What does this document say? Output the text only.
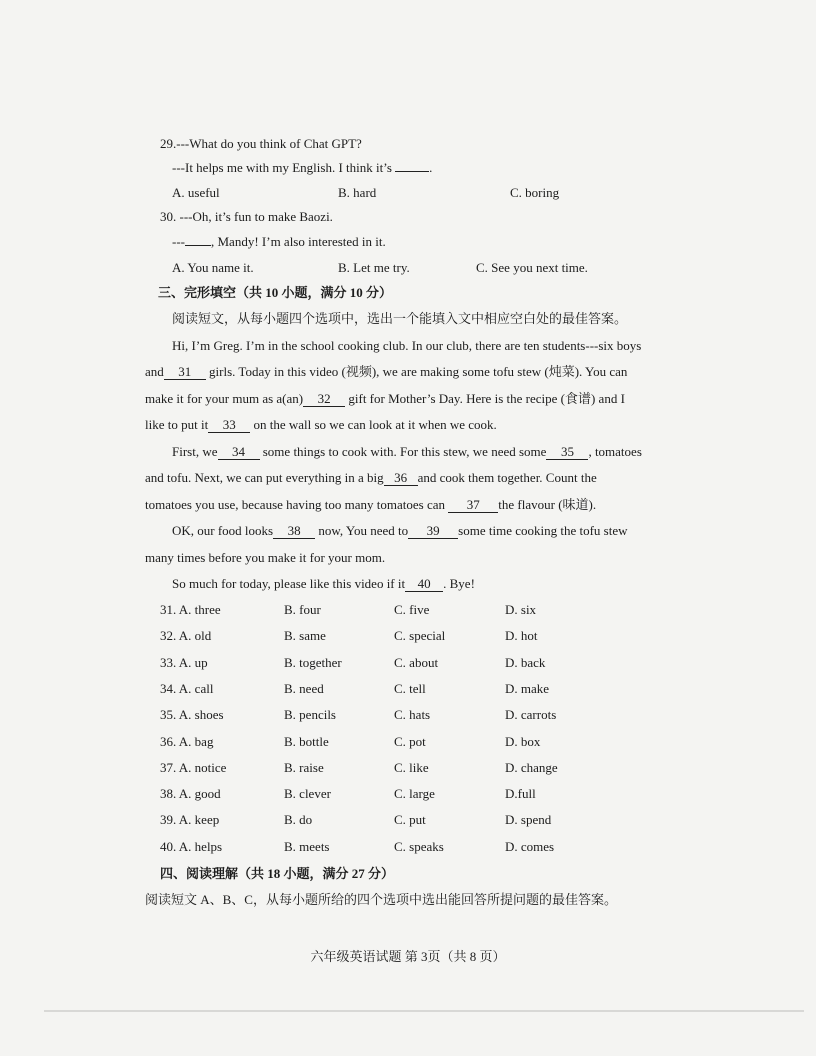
29.---What do you think of Chat GPT?
---It helps me with my English. I think it’s	.
A. useful	B. hard	C. boring
30. ---Oh, it’s fun to make Baozi.
--- , Mandy! I’m also interested in it.
A. You name it.	B. Let me try.	C. See you next time.
三、完形填空（共 10 小题，满分 10 分）
阅读短文，从每小题四个选项中，选出一个能填入文中相应空白处的最佳答案。
Hi, I’m Greg. I’m in the school cooking club. In our club, there are ten students---six boys
and 31 girls. Today in this video (视频), we are making some tofu stew (炖菜). You can
make it for your mum as a(an) 32 gift for Mother’s Day. Here is the recipe (食谱) and I
like to put it 33 on the wall so we can look at it when we cook.
First, we 34 some things to cook with. For this stew, we need some 35 , tomatoes
and tofu. Next, we can put everything in a big 36 and cook them together. Count the
tomatoes you use, because having too many tomatoes can 37 the flavour (味道).
OK, our food looks 38 now, You need to 39 some time cooking the tofu stew
many times before you make it for your mom.
So much for today, please like this video if it 40 . Bye!
31. A. three	B. four	C. five	D. six
32. A. old	B. same	C. special	D. hot
33. A. up	B. together	C. about	D. back
34. A. call	B. need	C. tell	D. make
35. A. shoes	B. pencils	C. hats	D. carrots
36. A. bag	B. bottle	C. pot	D. box
37. A. notice	B. raise	C. like	D. change
38. A. good	B. clever	C. large	D.full
39. A. keep	B. do	C. put	D. spend
40. A. helps	B. meets	C. speaks	D. comes
四、阅读理解（共 18 小题，满分 27 分）
阅读短文 A、B、C，从每小题所给的四个选项中选出能回答所提问题的最佳答案。
六年级英语试题 第 3页（共 8 页）
